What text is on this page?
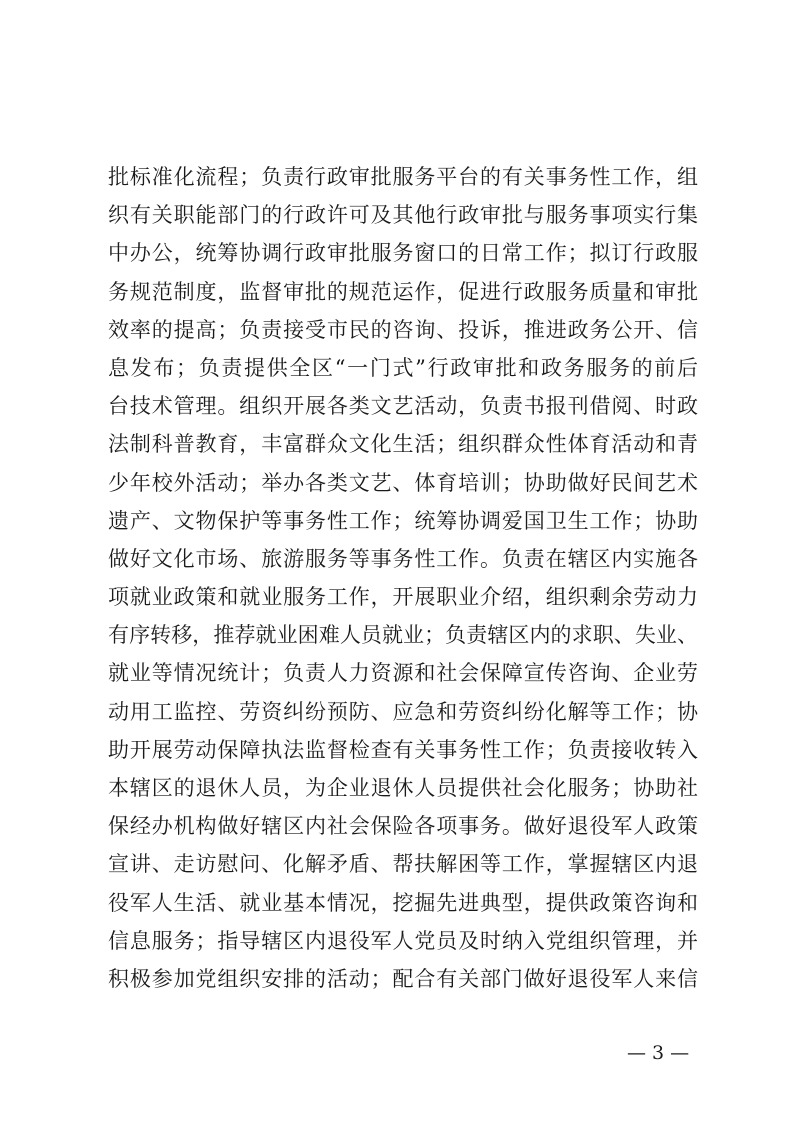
批标准化流程；负责行政审批服务平台的有关事务性工作，组
织有关职能部门的行政许可及其他行政审批与服务事项实行集
中办公，统筹协调行政审批服务窗口的日常工作；拟订行政服
务规范制度，监督审批的规范运作，促进行政服务质量和审批
效率的提高；负责接受市民的咨询、投诉，推进政务公开、信
息发布；负责提供全区“一门式”行政审批和政务服务的前后
台技术管理。组织开展各类文艺活动，负责书报刊借阅、时政
法制科普教育，丰富群众文化生活；组织群众性体育活动和青
少年校外活动；举办各类文艺、体育培训；协助做好民间艺术
遗产、文物保护等事务性工作；统筹协调爱国卫生工作；协助
做好文化市场、旅游服务等事务性工作。负责在辖区内实施各
项就业政策和就业服务工作，开展职业介绍，组织剩余劳动力
有序转移，推荐就业困难人员就业；负责辖区内的求职、失业、
就业等情况统计；负责人力资源和社会保障宣传咨询、企业劳
动用工监控、劳资纠纷预防、应急和劳资纠纷化解等工作；协
助开展劳动保障执法监督检查有关事务性工作；负责接收转入
本辖区的退休人员，为企业退休人员提供社会化服务；协助社
保经办机构做好辖区内社会保险各项事务。做好退役军人政策
宣讲、走访慰问、化解矛盾、帮扶解困等工作，掌握辖区内退
役军人生活、就业基本情况，挖掘先进典型，提供政策咨询和
信息服务；指导辖区内退役军人党员及时纳入党组织管理，并
积极参加党组织安排的活动；配合有关部门做好退役军人来信
— 3 —
